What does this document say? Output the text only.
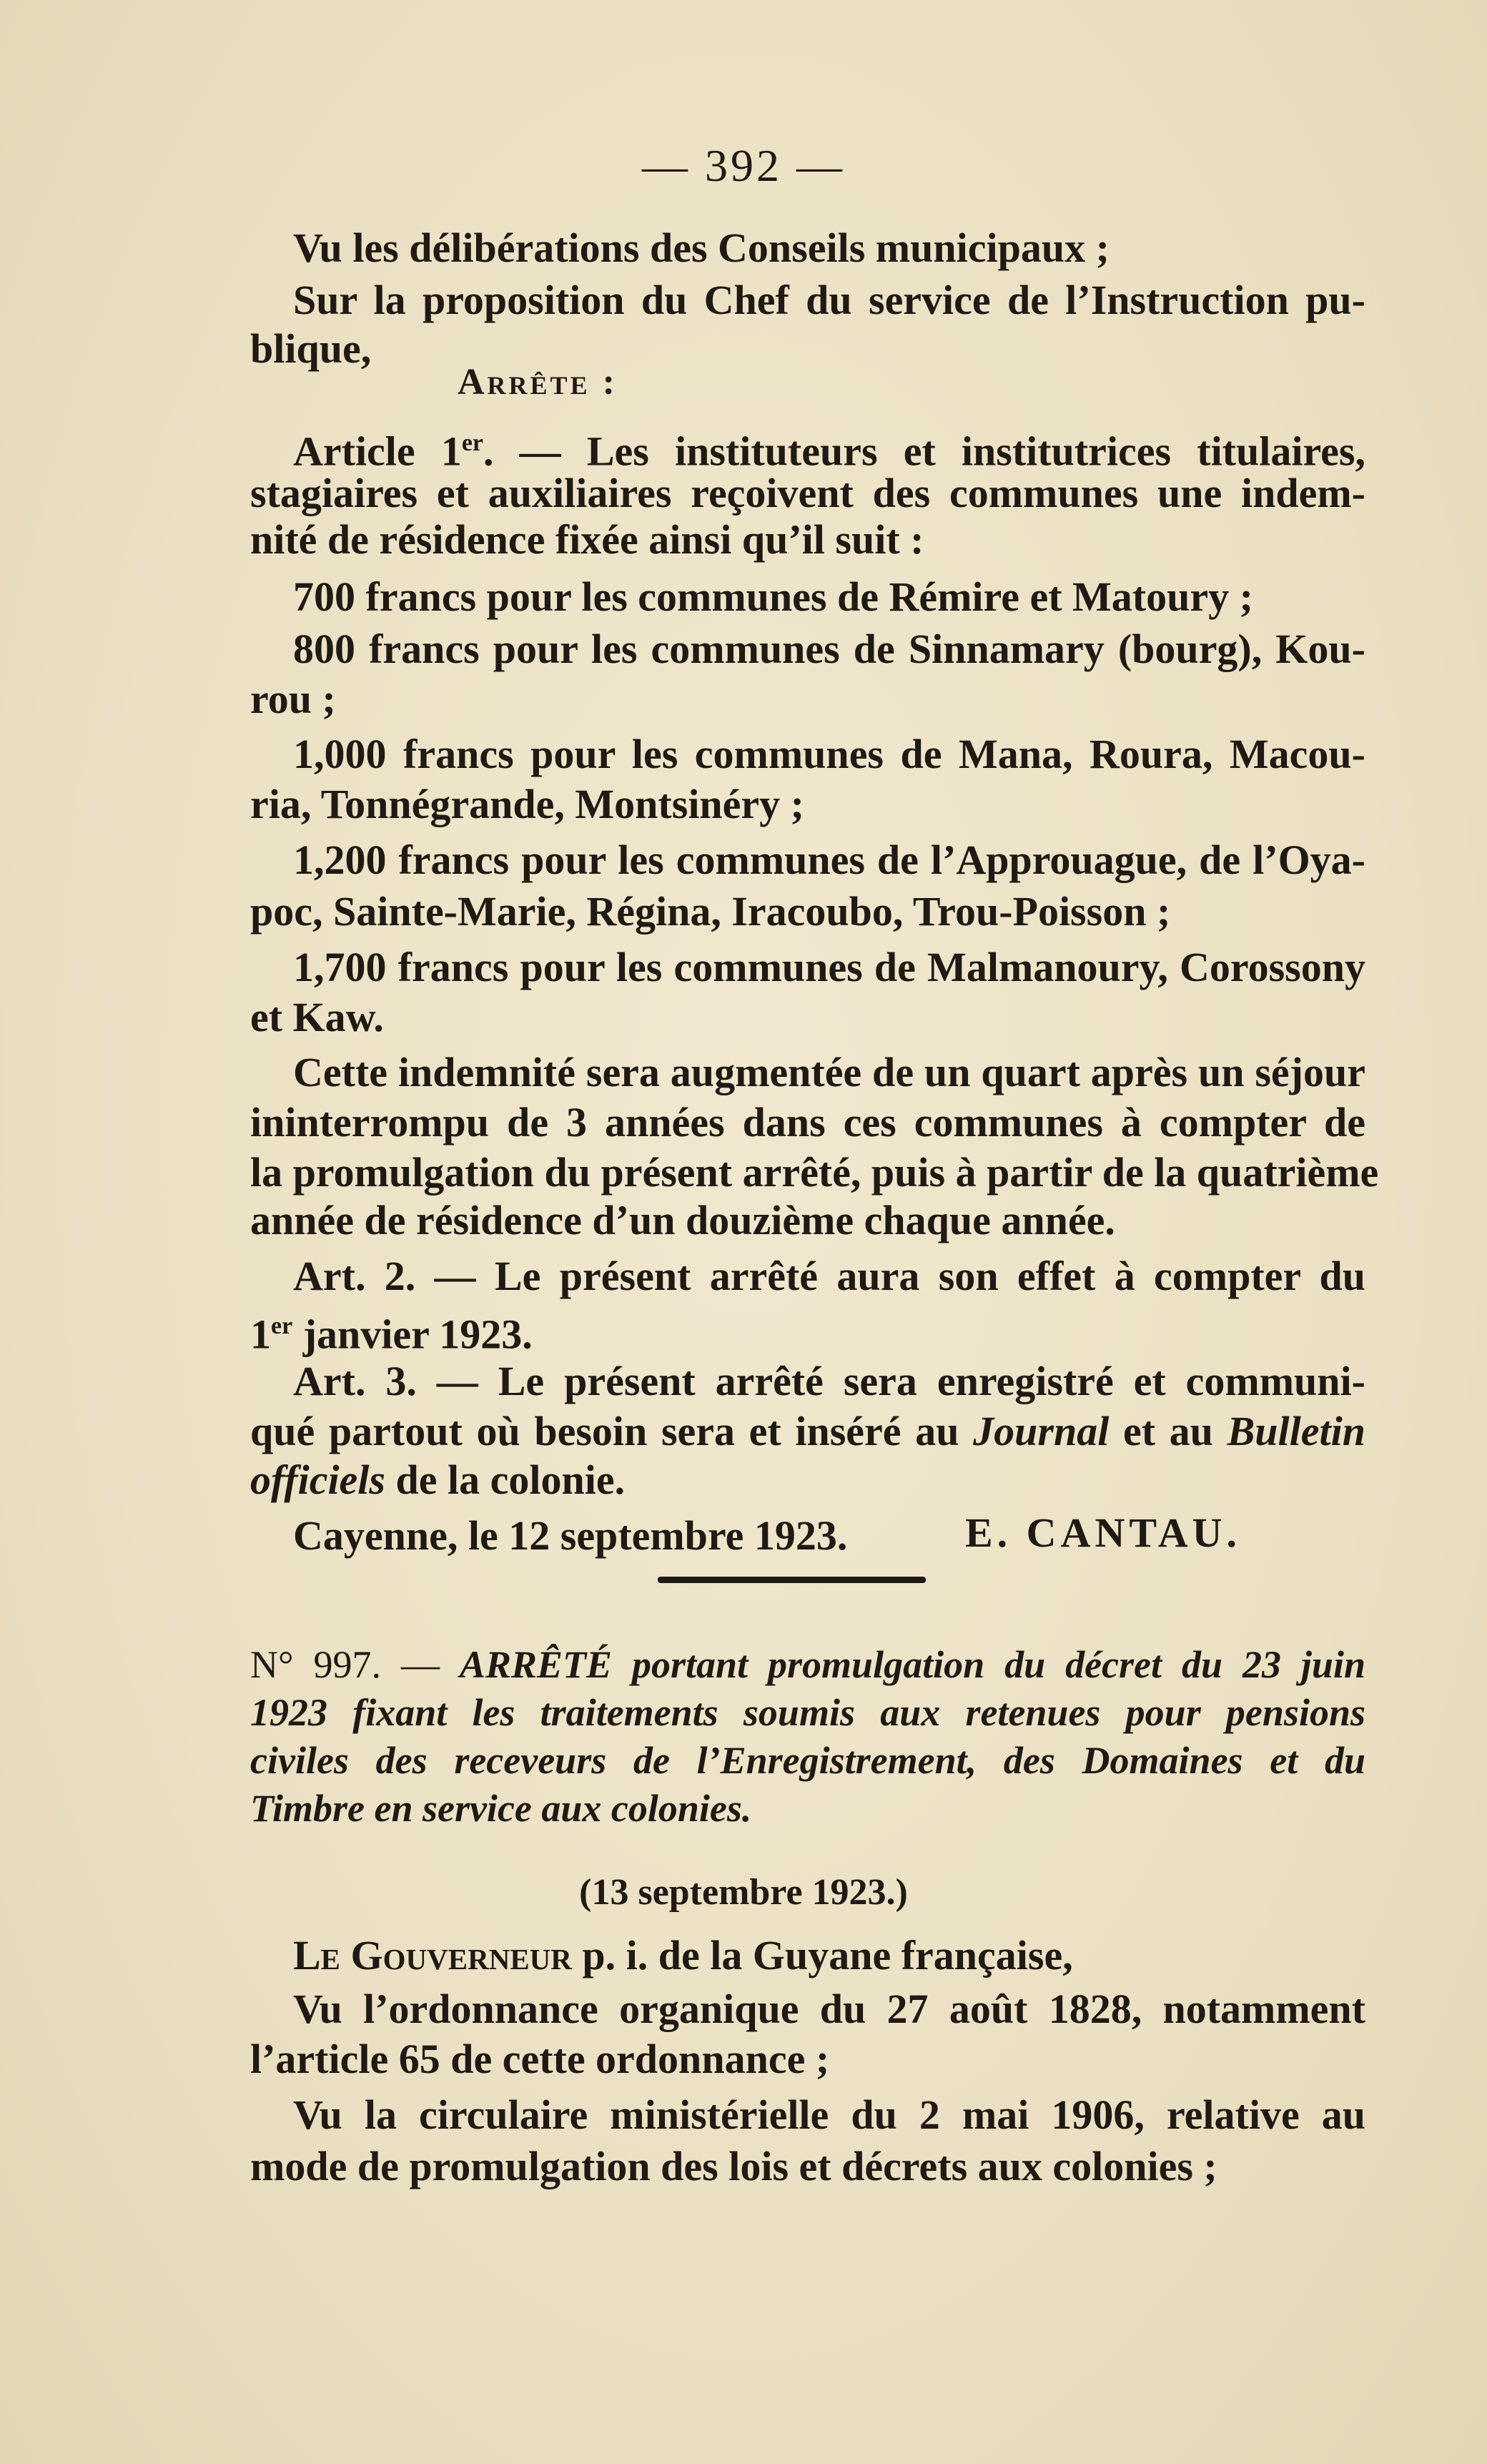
— 392 —
Vu les délibérations des Conseils municipaux ;
Sur la proposition du Chef du service de l’Instruction pu-
blique,
Arrête :
Article 1er. — Les instituteurs et institutrices titulaires,
stagiaires et auxiliaires reçoivent des communes une indem-
nité de résidence fixée ainsi qu’il suit :
700 francs pour les communes de Rémire et Matoury ;
800 francs pour les communes de Sinnamary (bourg), Kou-
rou ;
1,000 francs pour les communes de Mana, Roura, Macou-
ria, Tonnégrande, Montsinéry ;
1,200 francs pour les communes de l’Approuague, de l’Oya-
poc, Sainte-Marie, Régina, Iracoubo, Trou-Poisson ;
1,700 francs pour les communes de Malmanoury, Corossony
et Kaw.
Cette indemnité sera augmentée de un quart après un séjour
ininterrompu de 3 années dans ces communes à compter de
la promulgation du présent arrêté, puis à partir de la quatrième
année de résidence d’un douzième chaque année.
Art. 2. — Le présent arrêté aura son effet à compter du
1er janvier 1923.
Art. 3. — Le présent arrêté sera enregistré et communi-
qué partout où besoin sera et inséré au Journal et au Bulletin
officiels de la colonie.
Cayenne, le 12 septembre 1923.	E. CANTAU.
N° 997. — ARRÊTÉ portant promulgation du décret du 23 juin
1923 fixant les traitements soumis aux retenues pour pensions
civiles des receveurs de l’Enregistrement, des Domaines et du
Timbre en service aux colonies.
(13 septembre 1923.)
Le Gouverneur p. i. de la Guyane française,
Vu l’ordonnance organique du 27 août 1828, notamment
l’article 65 de cette ordonnance ;
Vu la circulaire ministérielle du 2 mai 1906, relative au
mode de promulgation des lois et décrets aux colonies ;
